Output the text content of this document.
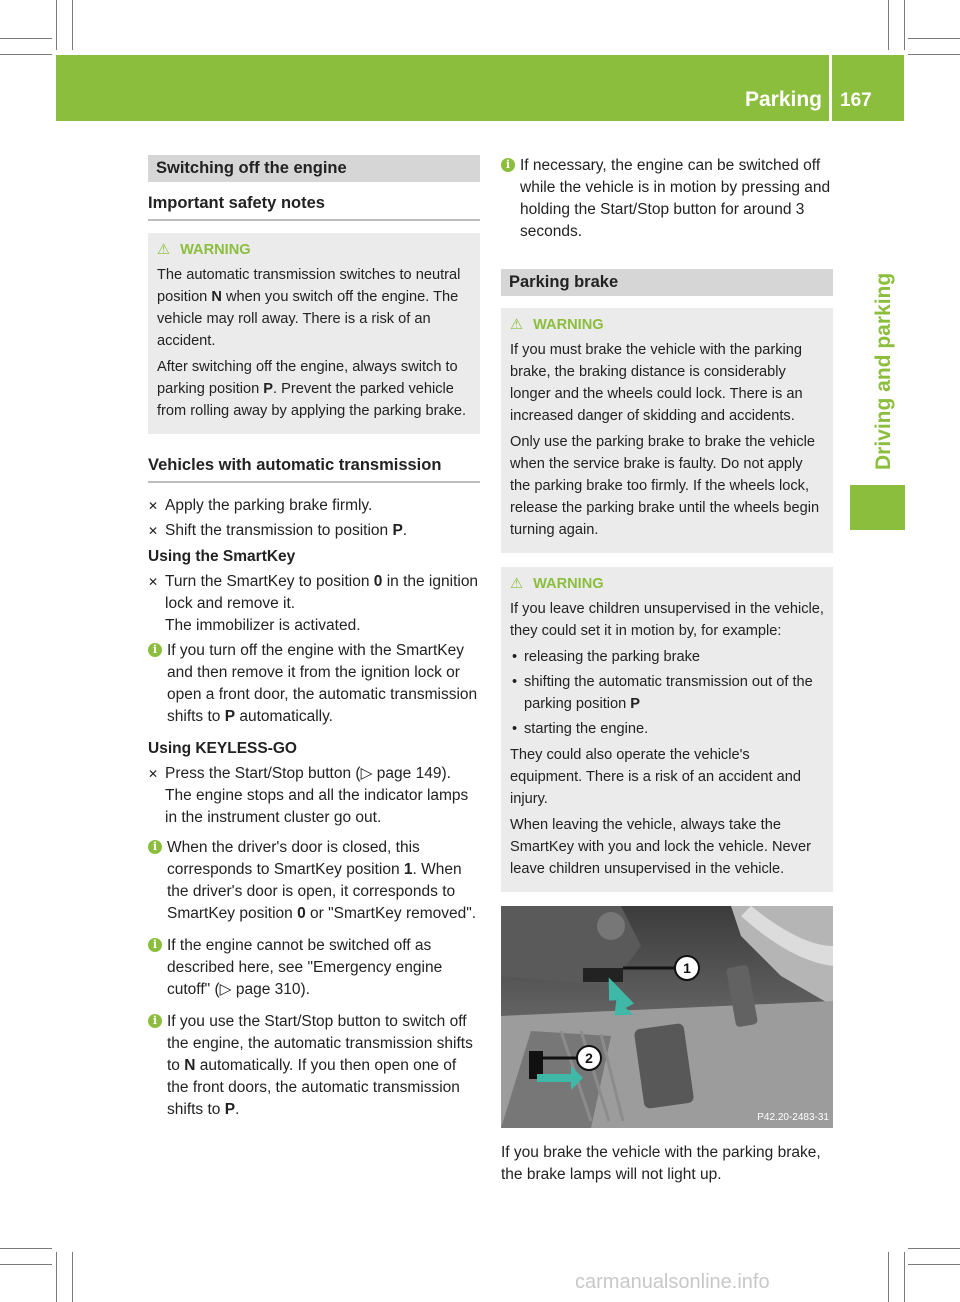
Parking 167
Driving and parking
Switching off the engine
Important safety notes
⚠ WARNING

The automatic transmission switches to neutral position N when you switch off the engine. The vehicle may roll away. There is a risk of an accident.

After switching off the engine, always switch to parking position P. Prevent the parked vehicle from rolling away by applying the parking brake.

Vehicles with automatic transmission
✕ Apply the parking brake firmly.
✕ Shift the transmission to position P.
Using the SmartKey
✕ Turn the SmartKey to position 0 in the ignition lock and remove it.
The immobilizer is activated.
i If you turn off the engine with the SmartKey and then remove it from the ignition lock or open a front door, the automatic transmission shifts to P automatically.
Using KEYLESS-GO
✕ Press the Start/Stop button (▷ page 149).
The engine stops and all the indicator lamps in the instrument cluster go out.
i When the driver's door is closed, this corresponds to SmartKey position 1. When the driver's door is open, it corresponds to SmartKey position 0 or "SmartKey removed".
i If the engine cannot be switched off as described here, see "Emergency engine cutoff" (▷ page 310).
i If you use the Start/Stop button to switch off the engine, the automatic transmission shifts to N automatically. If you then open one of the front doors, the automatic transmission shifts to P.
i If necessary, the engine can be switched off while the vehicle is in motion by pressing and holding the Start/Stop button for around 3 seconds.
Parking brake
⚠ WARNING

If you must brake the vehicle with the parking brake, the braking distance is considerably longer and the wheels could lock. There is an increased danger of skidding and accidents.

Only use the parking brake to brake the vehicle when the service brake is faulty. Do not apply the parking brake too firmly. If the wheels lock, release the parking brake until the wheels begin turning again.

⚠ WARNING

If you leave children unsupervised in the vehicle, they could set it in motion by, for example:

• releasing the parking brake
• shifting the automatic transmission out of the parking position P
• starting the engine.

They could also operate the vehicle's equipment. There is a risk of an accident and injury.

When leaving the vehicle, always take the SmartKey with you and lock the vehicle. Never leave children unsupervised in the vehicle.

1
2
P42.20-2483-31
If you brake the vehicle with the parking brake, the brake lamps will not light up.
carmanualsonline.info
